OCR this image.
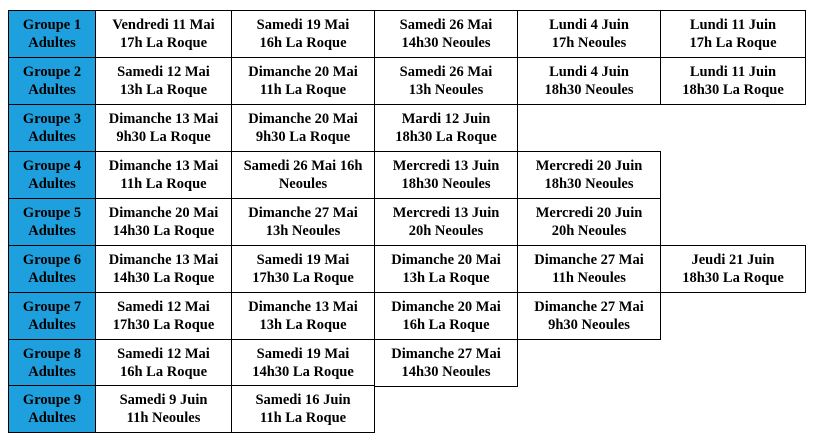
Groupe 1
Adultes
Vendredi 11 Mai
17h La Roque
Samedi 19 Mai
16h La Roque
Samedi 26 Mai
14h30 Neoules
Lundi 4 Juin
17h Neoules
Lundi 11 Juin
17h La Roque
Groupe 2
Adultes
Samedi 12 Mai
13h La Roque
Dimanche 20 Mai
11h La Roque
Samedi 26 Mai
13h Neoules
Lundi 4 Juin
18h30 Neoules
Lundi 11 Juin
18h30 La Roque
Groupe 3
Adultes
Dimanche 13 Mai
9h30 La Roque
Dimanche 20 Mai
9h30 La Roque
Mardi 12 Juin
18h30 La Roque
Groupe 4
Adultes
Dimanche 13 Mai
11h La Roque
Samedi 26 Mai 16h
Neoules
Mercredi 13 Juin
18h30 Neoules
Mercredi 20 Juin
18h30 Neoules
Groupe 5
Adultes
Dimanche 20 Mai
14h30 La Roque
Dimanche 27 Mai
13h Neoules
Mercredi 13 Juin
20h Neoules
Mercredi 20 Juin
20h Neoules
Groupe 6
Adultes
Dimanche 13 Mai
14h30 La Roque
Samedi 19 Mai
17h30 La Roque
Dimanche 20 Mai
13h La Roque
Dimanche 27 Mai
11h Neoules
Jeudi 21 Juin
18h30 La Roque
Groupe 7
Adultes
Samedi 12 Mai
17h30 La Roque
Dimanche 13 Mai
13h La Roque
Dimanche 20 Mai
16h La Roque
Dimanche 27 Mai
9h30 Neoules
Groupe 8
Adultes
Samedi 12 Mai
16h La Roque
Samedi 19 Mai
14h30 La Roque
Dimanche 27 Mai
14h30 Neoules
Groupe 9
Adultes
Samedi 9 Juin
11h Neoules
Samedi 16 Juin
11h La Roque
